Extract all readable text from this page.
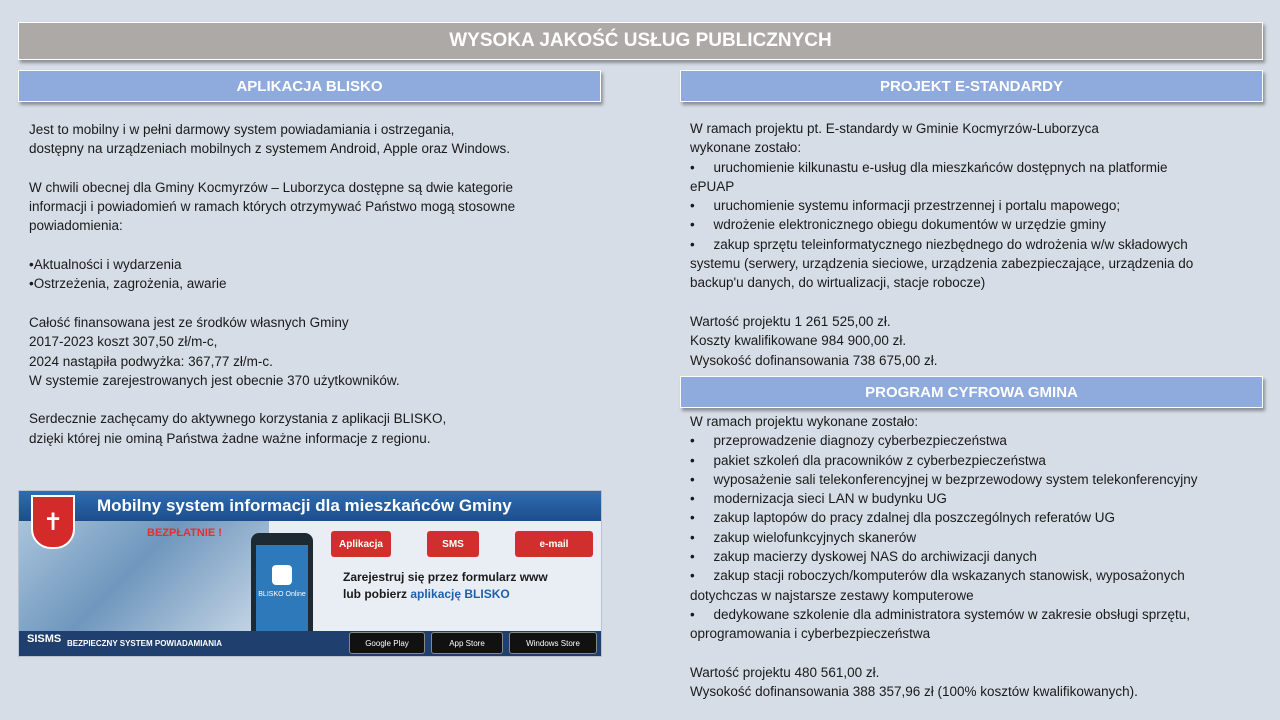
WYSOKA JAKOŚĆ USŁUG PUBLICZNYCH
APLIKACJA BLISKO	PROJEKT E-STANDARDY
PROGRAM CYFROWA GMINA

Jest to mobilny i w pełni darmowy system powiadamiania i ostrzegania,

dostępny na urządzeniach mobilnych z systemem Android, Apple oraz Windows.

W chwili obecnej dla Gminy Kocmyrzów – Luborzyca dostępne są dwie kategorie

informacji i powiadomień w ramach których otrzymywać Państwo mogą stosowne

powiadomienia:

•Aktualności i wydarzenia

•Ostrzeżenia, zagrożenia, awarie

Całość finansowana jest ze środków własnych Gminy

2017-2023 koszt 307,50 zł/m-c,

2024 nastąpiła podwyżka: 367,77 zł/m-c.

W systemie zarejestrowanych jest obecnie 370 użytkowników.

Serdecznie zachęcamy do aktywnego korzystania z aplikacji BLISKO,

dzięki której nie ominą Państwa żadne ważne informacje z regionu.

Mobilny system informacji dla mieszkańców Gminy
✝	BEZPŁATNIE !
BLISKO Online
Aplikacja	SMS	e-mail
Zarejestruj się przez formularz www
lub pobierz aplikację BLISKO
BEZPIECZNY SYSTEM POWIADAMIANIA
SISMS	Google Play	App Store	Windows Store

W ramach projektu pt. E-standardy w Gminie Kocmyrzów-Luborzyca

wykonane zostało:

•     uruchomienie kilkunastu e-usług dla mieszkańców dostępnych na platformie

ePUAP

•     uruchomienie systemu informacji przestrzennej i portalu mapowego;

•     wdrożenie elektronicznego obiegu dokumentów w urzędzie gminy

•     zakup sprzętu teleinformatycznego niezbędnego do wdrożenia w/w składowych

systemu (serwery, urządzenia sieciowe, urządzenia zabezpieczające, urządzenia do backup'u danych, do wirtualizacji, stacje robocze)

Wartość projektu 1 261 525,00 zł.

Koszty kwalifikowane 984 900,00 zł.

Wysokość dofinansowania 738 675,00 zł.

W ramach projektu wykonane zostało:

•     przeprowadzenie diagnozy cyberbezpieczeństwa

•     pakiet szkoleń dla pracowników z cyberbezpieczeństwa

•     wyposażenie sali telekonferencyjnej w bezprzewodowy system telekonferencyjny

•     modernizacja sieci LAN w budynku UG

•     zakup laptopów do pracy zdalnej dla poszczególnych referatów UG

•     zakup wielofunkcyjnych skanerów

•     zakup macierzy dyskowej NAS do archiwizacji danych

•     zakup stacji roboczych/komputerów dla wskazanych stanowisk, wyposażonych

dotychczas w najstarsze zestawy komputerowe

•     dedykowane szkolenie dla administratora systemów w zakresie obsługi sprzętu,

oprogramowania i cyberbezpieczeństwa

Wartość projektu 480 561,00 zł.

Wysokość dofinansowania 388 357,96 zł (100% kosztów kwalifikowanych).
